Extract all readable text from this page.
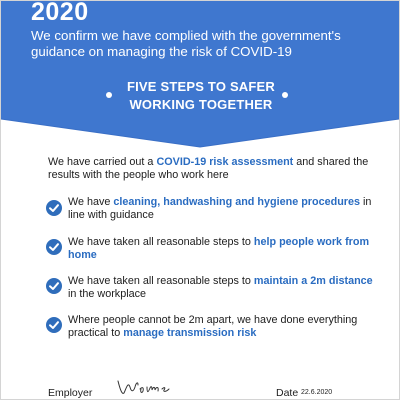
2020

We confirm we have complied with the government's guidance on managing the risk of COVID-19

FIVE STEPS TO SAFER
WORKING TOGETHER

We have carried out a COVID-19 risk assessment and shared the results with the people who work here

We have cleaning, handwashing and hygiene procedures in line with guidance

We have taken all reasonable steps to help people work from home

We have taken all reasonable steps to maintain a 2m distance in the workplace

Where people cannot be 2m apart, we have done everything practical to manage transmission risk

Employer	Date 22.6.2020
